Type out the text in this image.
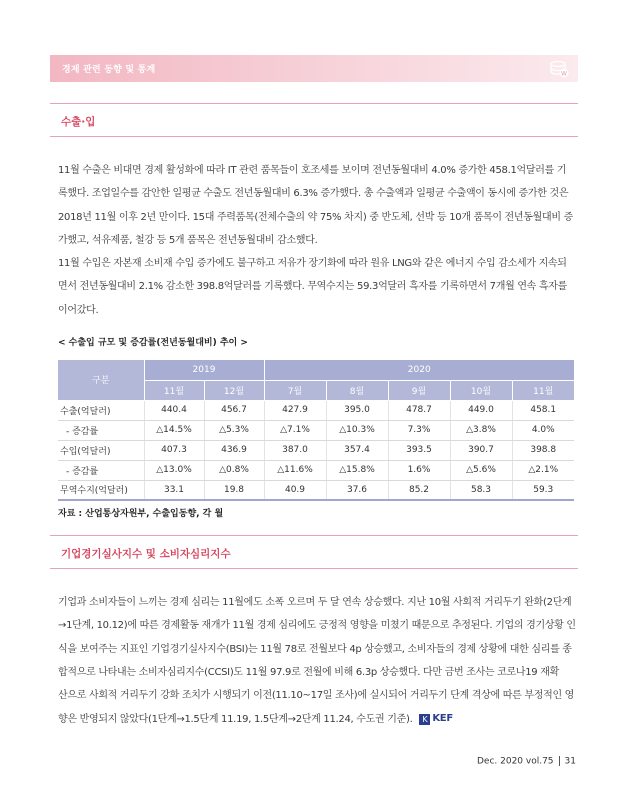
경제 관련 동향 및 통계	W
수출·입
11월 수출은 비대면 경제 활성화에 따라 IT 관련 품목들이 호조세를 보이며 전년동월대비 4.0% 증가한 458.1억달러를 기
록했다. 조업일수를 감안한 일평균 수출도 전년동월대비 6.3% 증가했다. 총 수출액과 일평균 수출액이 동시에 증가한 것은
2018년 11월 이후 2년 만이다. 15대 주력품목(전체수출의 약 75% 차지) 중 반도체, 선박 등 10개 품목이 전년동월대비 증
가했고, 석유제품, 철강 등 5개 품목은 전년동월대비 감소했다.
11월 수입은 자본재 소비재 수입 증가에도 불구하고 저유가 장기화에 따라 원유 LNG와 같은 에너지 수입 감소세가 지속되
면서 전년동월대비 2.1% 감소한 398.8억달러를 기록했다. 무역수지는 59.3억달러 흑자를 기록하면서 7개월 연속 흑자를
이어갔다.
< 수출입 규모 및 증감률(전년동월대비) 추이 >
구분	2019		2020				
	11월	12월	7월	8월	9월	10월	11월
수출(억달러)	440.4	456.7	427.9	395.0	478.7	449.0	458.1
- 증감률	△14.5%	△5.3%	△7.1%	△10.3%	7.3%	△3.8%	4.0%
수입(억달러)	407.3	436.9	387.0	357.4	393.5	390.7	398.8
- 증감률	△13.0%	△0.8%	△11.6%	△15.8%	1.6%	△5.6%	△2.1%
무역수지(억달러)	33.1	19.8	40.9	37.6	85.2	58.3	59.3
자료 : 산업통상자원부, 수출입동향, 각 월
기업경기실사지수 및 소비자심리지수
기업과 소비자들이 느끼는 경제 심리는 11월에도 소폭 오르며 두 달 연속 상승했다. 지난 10월 사회적 거리두기 완화(2단계
→1단계, 10.12)에 따른 경제활동 재개가 11월 경제 심리에도 긍정적 영향을 미쳤기 때문으로 추정된다. 기업의 경기상황 인
식을 보여주는 지표인 기업경기실사지수(BSI)는 11월 78로 전월보다 4p 상승했고, 소비자들의 경제 상황에 대한 심리를 종
합적으로 나타내는 소비자심리지수(CCSI)도 11월 97.9로 전월에 비해 6.3p 상승했다. 다만 금번 조사는 코로나19 재확
산으로 사회적 거리두기 강화 조치가 시행되기 이전(11.10~17일 조사)에 실시되어 거리두기 단계 격상에 따른 부정적인 영
향은 반영되지 않았다(1단계→1.5단계 11.19, 1.5단계→2단계 11.24, 수도권 기준). K KEF
Dec. 2020 vol.75 31
